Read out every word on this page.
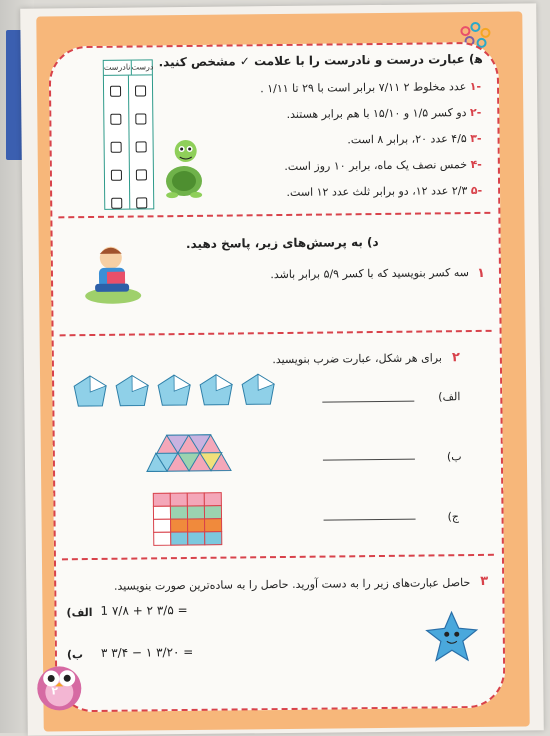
ﻫ) عبارت درست و نادرست را با علامت ✓ مشخص کنید.
نادرست درست
-۱ عدد مخلوط ۲ ۷/۱۱ برابر است با ۲۹ تا ۱/۱۱ .
-۲ دو کسر ۱/۵ و ۱۵/۱۰ با هم برابر هستند.
-۳ ۴/۵ عدد ۲۰، برابر ۸ است.
-۴ خمس نصف یک ماه، برابر ۱۰ روز است.
-۵ ۲/۳ عدد ۱۲، دو برابر ثلث عدد ۱۲ است.
د) به پرسش‌های زیر، پاسخ دهید.
۱
سه کسر بنویسید که با کسر ۵/۹ برابر باشد.
۲
برای هر شکل، عبارت ضرب بنویسید.
الف)
ب)
ج)
۳
حاصل عبارت‌های زیر را به دست آورید. حاصل را به ساده‌ترین صورت بنویسید.
الف) 1 ۷/۸ + ۲ ۳/۵ =
ب) ۳ ۳/۴ − ۱ ۳/۲۰ =
۲
